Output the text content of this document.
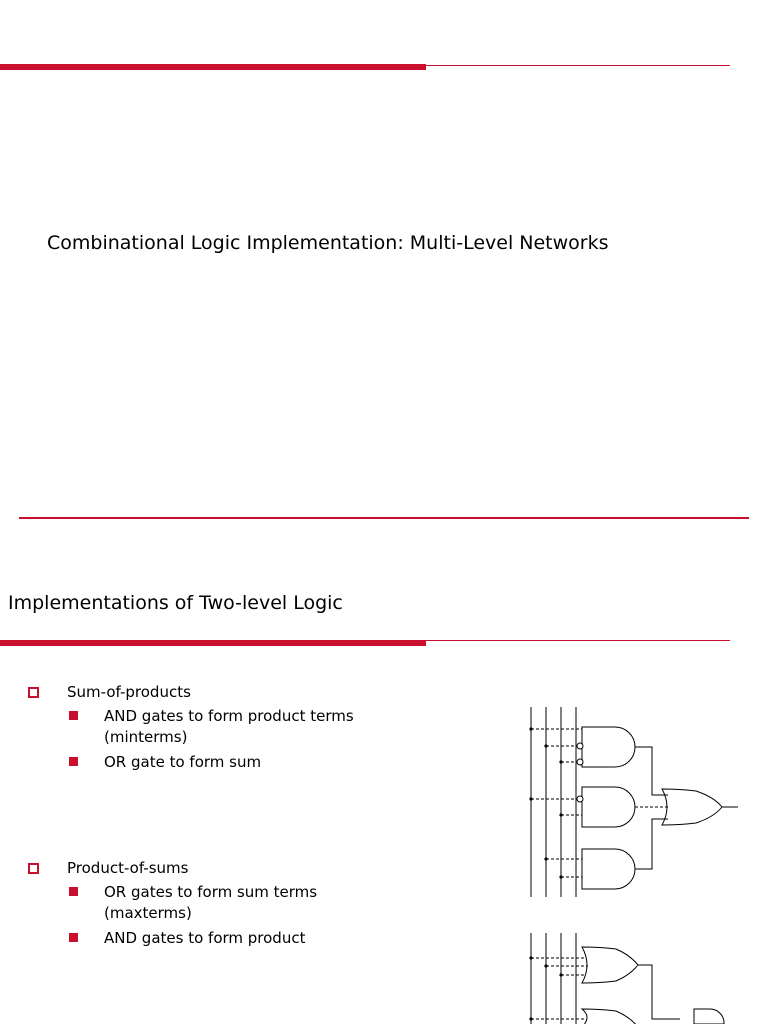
Combinational Logic Implementation: Multi-Level Networks
Implementations of Two-level Logic
Sum-of-products
AND gates to form product terms
(minterms)
OR gate to form sum
Product-of-sums
OR gates to form sum terms
(maxterms)
AND gates to form product
